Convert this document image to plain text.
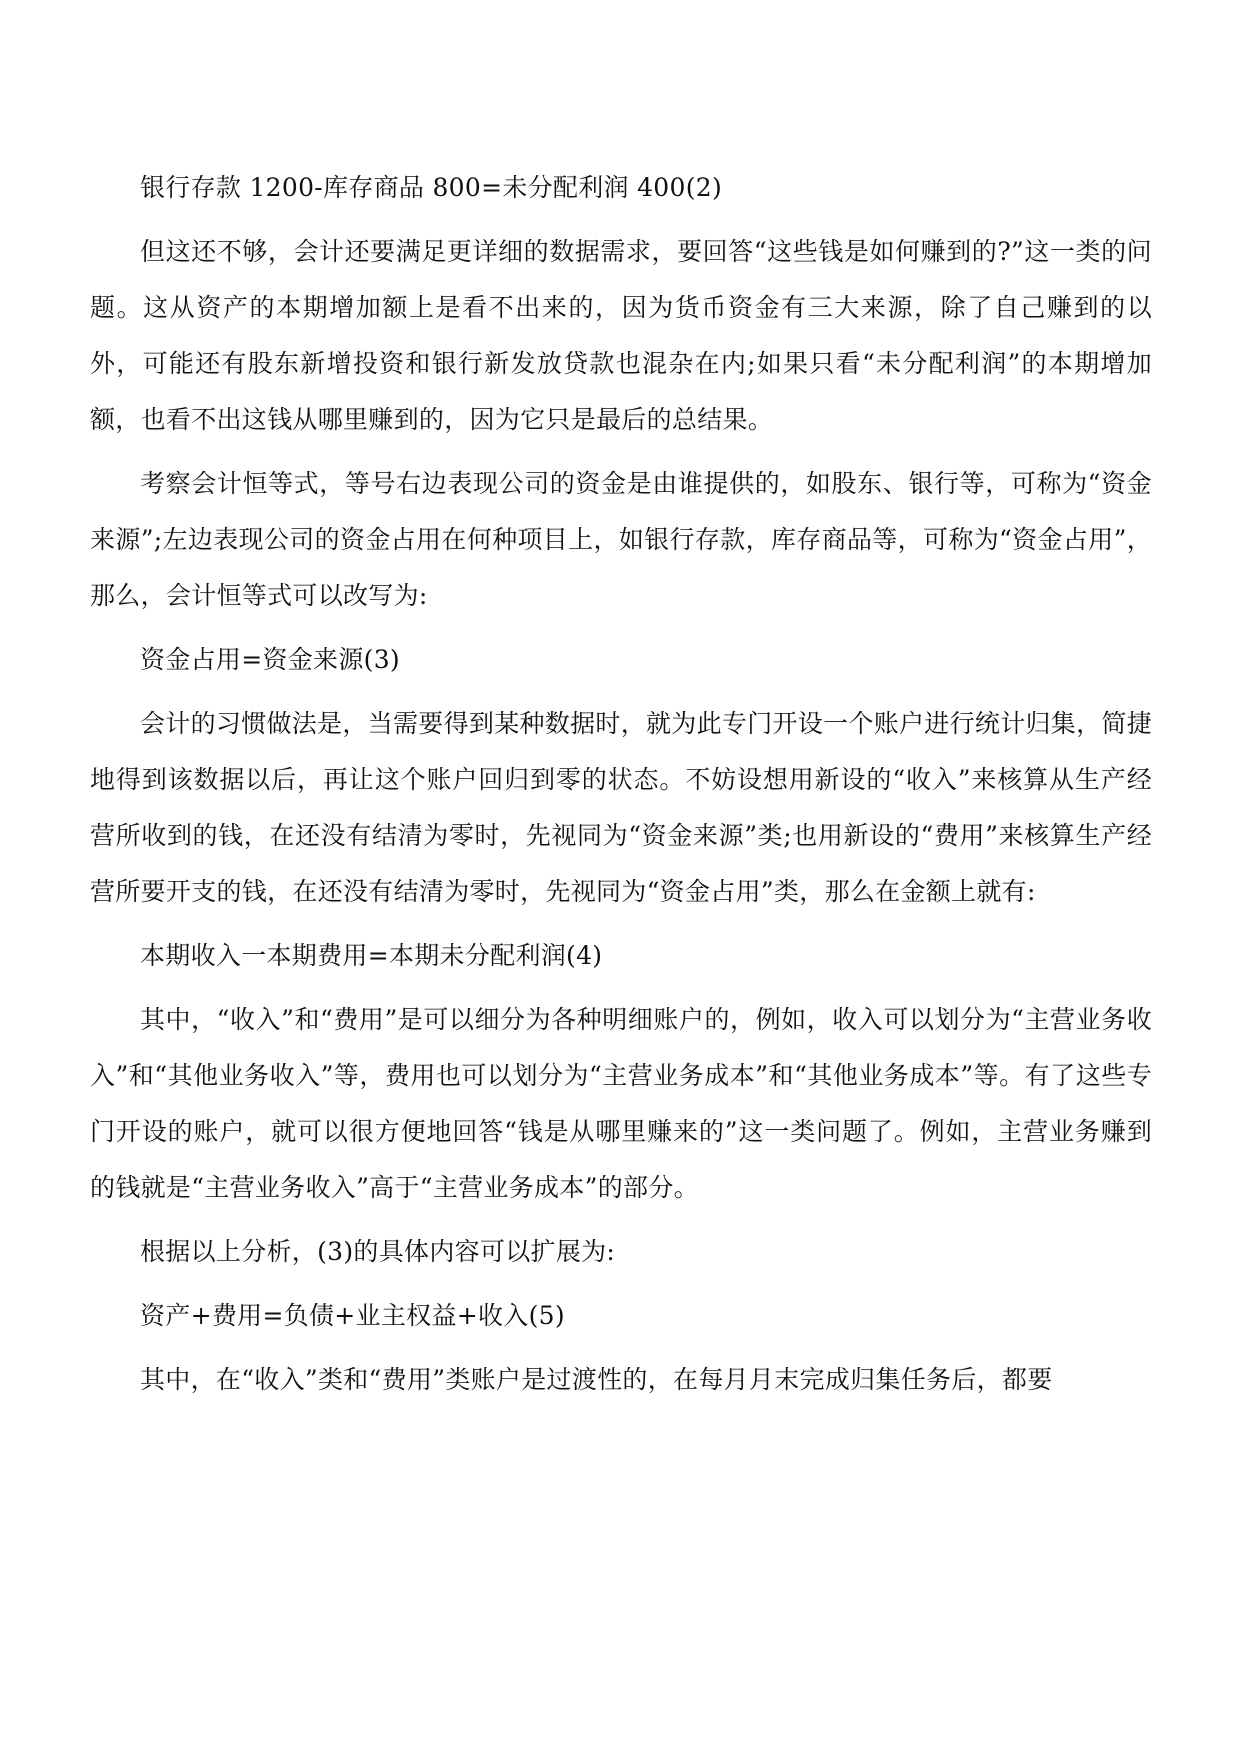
银行存款 1200-库存商品 800=未分配利润 400(2)

但这还不够，会计还要满足更详细的数据需求，要回答“这些钱是如何赚到的?”这一类的问题。这从资产的本期增加额上是看不出来的，因为货币资金有三大来源，除了自己赚到的以外，可能还有股东新增投资和银行新发放贷款也混杂在内;如果只看“未分配利润”的本期增加额，也看不出这钱从哪里赚到的，因为它只是最后的总结果。

考察会计恒等式，等号右边表现公司的资金是由谁提供的，如股东、银行等，可称为“资金来源”;左边表现公司的资金占用在何种项目上，如银行存款，库存商品等，可称为“资金占用”，那么，会计恒等式可以改写为:

资金占用=资金来源(3)

会计的习惯做法是，当需要得到某种数据时，就为此专门开设一个账户进行统计归集，简捷地得到该数据以后，再让这个账户回归到零的状态。不妨设想用新设的“收入”来核算从生产经营所收到的钱，在还没有结清为零时，先视同为“资金来源”类;也用新设的“费用”来核算生产经营所要开支的钱，在还没有结清为零时，先视同为“资金占用”类，那么在金额上就有:

本期收入一本期费用=本期未分配利润(4)

其中，“收入”和“费用”是可以细分为各种明细账户的，例如，收入可以划分为“主营业务收入”和“其他业务收入”等，费用也可以划分为“主营业务成本”和“其他业务成本”等。有了这些专门开设的账户，就可以很方便地回答“钱是从哪里赚来的”这一类问题了。例如，主营业务赚到的钱就是“主营业务收入”高于“主营业务成本”的部分。

根据以上分析，(3)的具体内容可以扩展为:

资产+费用=负债+业主权益+收入(5)

其中，在“收入”类和“费用”类账户是过渡性的，在每月月末完成归集任务后，都要
